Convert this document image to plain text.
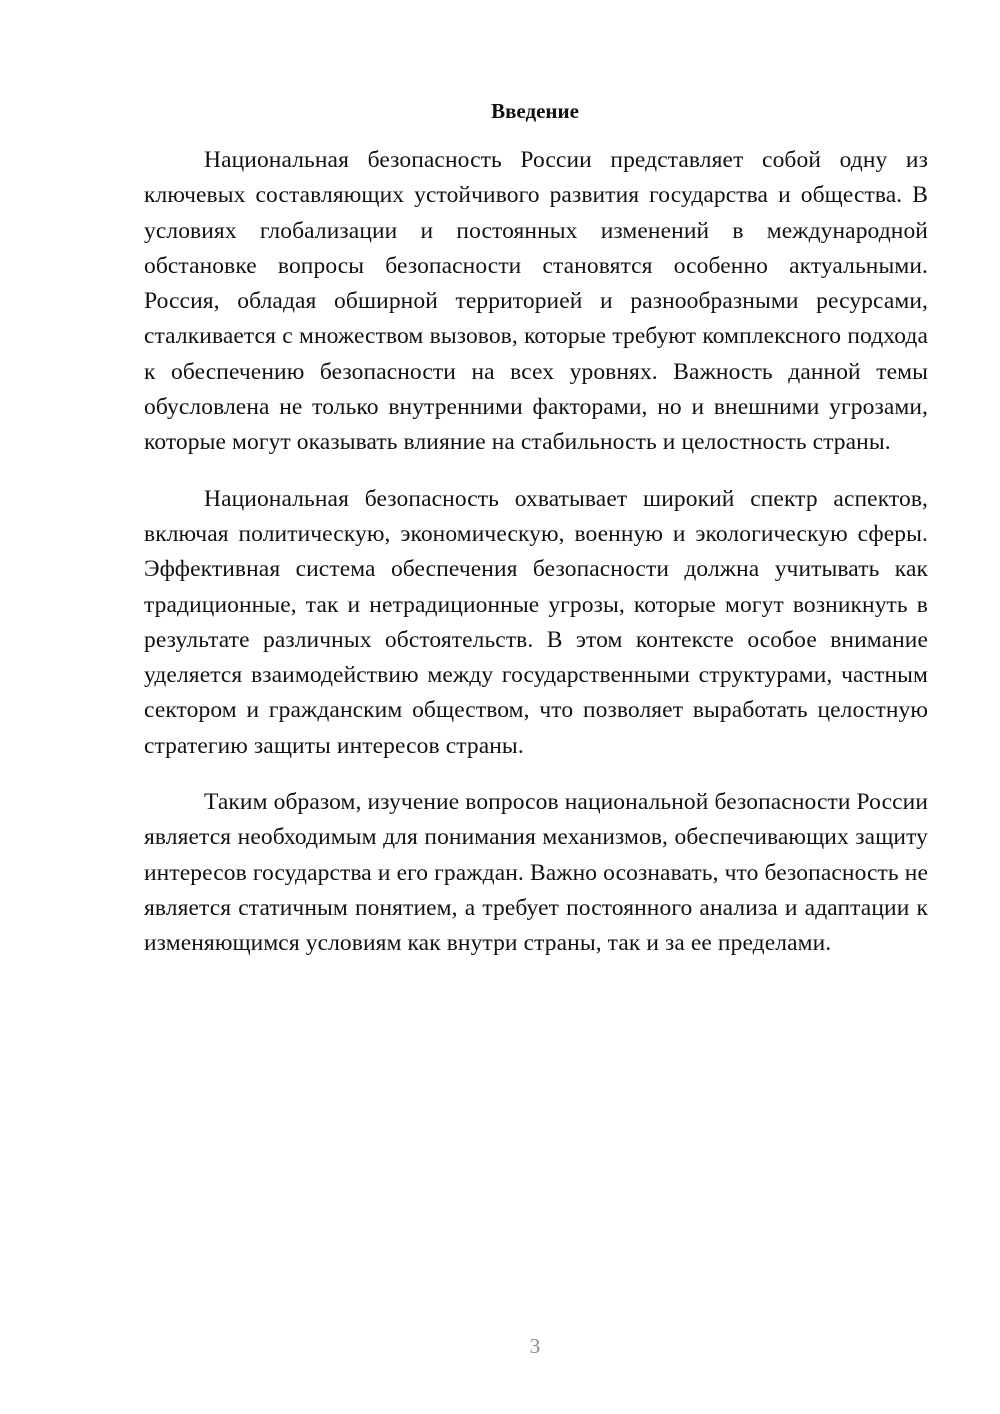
Введение

Национальная безопасность России представляет собой одну из ключевых составляющих устойчивого развития государства и общества. В условиях глобализации и постоянных изменений в международной обстановке вопросы безопасности становятся особенно актуальными. Россия, обладая обширной территорией и разнообразными ресурсами, сталкивается с множеством вызовов, которые требуют комплексного подхода к обеспечению безопасности на всех уровнях. Важность данной темы обусловлена не только внутренними факторами, но и внешними угрозами, которые могут оказывать влияние на стабильность и целостность страны.

Национальная безопасность охватывает широкий спектр аспектов, включая политическую, экономическую, военную и экологическую сферы. Эффективная система обеспечения безопасности должна учитывать как традиционные, так и нетрадиционные угрозы, которые могут возникнуть в результате различных обстоятельств. В этом контексте особое внимание уделяется взаимодействию между государственными структурами, частным сектором и гражданским обществом, что позволяет выработать целостную стратегию защиты интересов страны.

Таким образом, изучение вопросов национальной безопасности России является необходимым для понимания механизмов, обеспечивающих защиту интересов государства и его граждан. Важно осознавать, что безопасность не является статичным понятием, а требует постоянного анализа и адаптации к изменяющимся условиям как внутри страны, так и за ее пределами.

3
